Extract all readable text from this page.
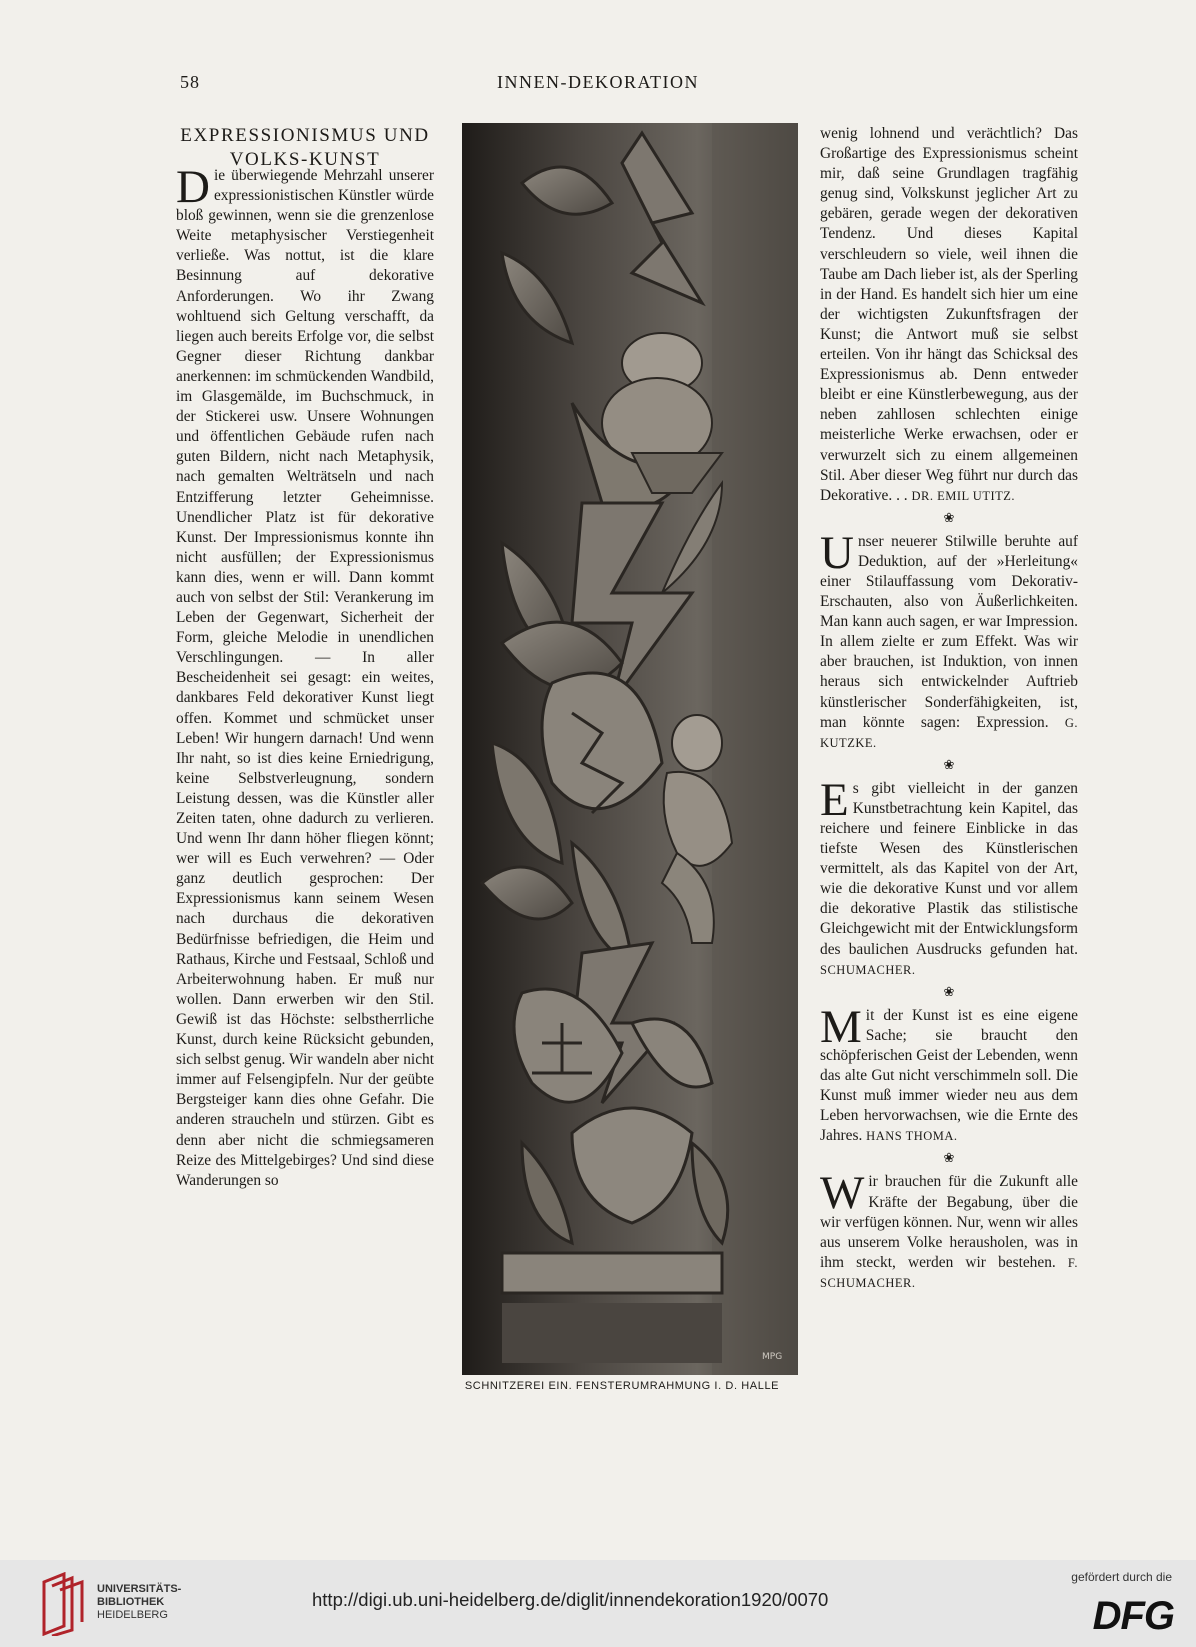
58	INNEN-DEKORATION
EXPRESSIONISMUS UND
VOLKS-KUNST

Die überwiegende Mehrzahl unserer expressionistischen Künstler würde bloß gewinnen, wenn sie die grenzenlose Weite metaphysischer Verstiegenheit verließe. Was nottut, ist die klare Besinnung auf dekorative Anforderungen. Wo ihr Zwang wohltuend sich Geltung verschafft, da liegen auch bereits Erfolge vor, die selbst Gegner dieser Richtung dankbar anerkennen: im schmückenden Wandbild, im Glasgemälde, im Buchschmuck, in der Stickerei usw. Unsere Wohnungen und öffentlichen Gebäude rufen nach guten Bildern, nicht nach Metaphysik, nach gemalten Welträtseln und nach Entzifferung letzter Geheimnisse. Unendlicher Platz ist für dekorative Kunst. Der Impressionismus konnte ihn nicht ausfüllen; der Expressionismus kann dies, wenn er will. Dann kommt auch von selbst der Stil: Verankerung im Leben der Gegenwart, Sicherheit der Form, gleiche Melodie in unendlichen Verschlingungen. — In aller Bescheidenheit sei gesagt: ein weites, dankbares Feld dekorativer Kunst liegt offen. Kommet und schmücket unser Leben! Wir hungern darnach! Und wenn Ihr naht, so ist dies keine Erniedrigung, keine Selbstverleugnung, sondern Leistung dessen, was die Künstler aller Zeiten taten, ohne dadurch zu verlieren. Und wenn Ihr dann höher fliegen könnt; wer will es Euch verwehren? — Oder ganz deutlich gesprochen: Der Expressionismus kann seinem Wesen nach durchaus die dekorativen Bedürfnisse befriedigen, die Heim und Rathaus, Kirche und Festsaal, Schloß und Arbeiterwohnung haben. Er muß nur wollen. Dann erwerben wir den Stil. Gewiß ist das Höchste: selbstherrliche Kunst, durch keine Rücksicht gebunden, sich selbst genug. Wir wandeln aber nicht immer auf Felsengipfeln. Nur der geübte Bergsteiger kann dies ohne Gefahr. Die anderen straucheln und stürzen. Gibt es denn aber nicht die schmiegsameren Reize des Mittelgebirges? Und sind diese Wanderungen so

MPG
SCHNITZEREI EIN. FENSTERUMRAHMUNG I. D. HALLE

wenig lohnend und verächtlich? Das Großartige des Expressionismus scheint mir, daß seine Grundlagen tragfähig genug sind, Volkskunst jeglicher Art zu gebären, gerade wegen der dekorativen Tendenz. Und dieses Kapital verschleudern so viele, weil ihnen die Taube am Dach lieber ist, als der Sperling in der Hand. Es handelt sich hier um eine der wichtigsten Zukunftsfragen der Kunst; die Antwort muß sie selbst erteilen. Von ihr hängt das Schicksal des Expressionismus ab. Denn entweder bleibt er eine Künstlerbewegung, aus der neben zahllosen schlechten einige meisterliche Werke erwachsen, oder er verwurzelt sich zu einem allgemeinen Stil. Aber dieser Weg führt nur durch das Dekorative. . . DR. EMIL UTITZ.

❀

Unser neuerer Stilwille beruhte auf Deduktion, auf der »Herleitung« einer Stilauffassung vom Dekorativ-Erschauten, also von Äußerlichkeiten. Man kann auch sagen, er war Impression. In allem zielte er zum Effekt. Was wir aber brauchen, ist Induktion, von innen heraus sich entwickelnder Auftrieb künstlerischer Sonderfähigkeiten, ist, man könnte sagen: Expression. G. KUTZKE.

❀

Es gibt vielleicht in der ganzen Kunstbetrachtung kein Kapitel, das reichere und feinere Einblicke in das tiefste Wesen des Künstlerischen vermittelt, als das Kapitel von der Art, wie die dekorative Kunst und vor allem die dekorative Plastik das stilistische Gleichgewicht mit der Entwicklungsform des baulichen Ausdrucks gefunden hat. SCHUMACHER.

❀

Mit der Kunst ist es eine eigene Sache; sie braucht den schöpferischen Geist der Lebenden, wenn das alte Gut nicht verschimmeln soll. Die Kunst muß immer wieder neu aus dem Leben hervorwachsen, wie die Ernte des Jahres. HANS THOMA.

❀

Wir brauchen für die Zukunft alle Kräfte der Begabung, über die wir verfügen können. Nur, wenn wir alles aus unserem Volke herausholen, was in ihm steckt, werden wir bestehen. F. SCHUMACHER.

UNIVERSITÄTS-
BIBLIOTHEK
HEIDELBERG
http://digi.ub.uni-heidelberg.de/diglit/innendekoration1920/0070
gefördert durch die
DFG
